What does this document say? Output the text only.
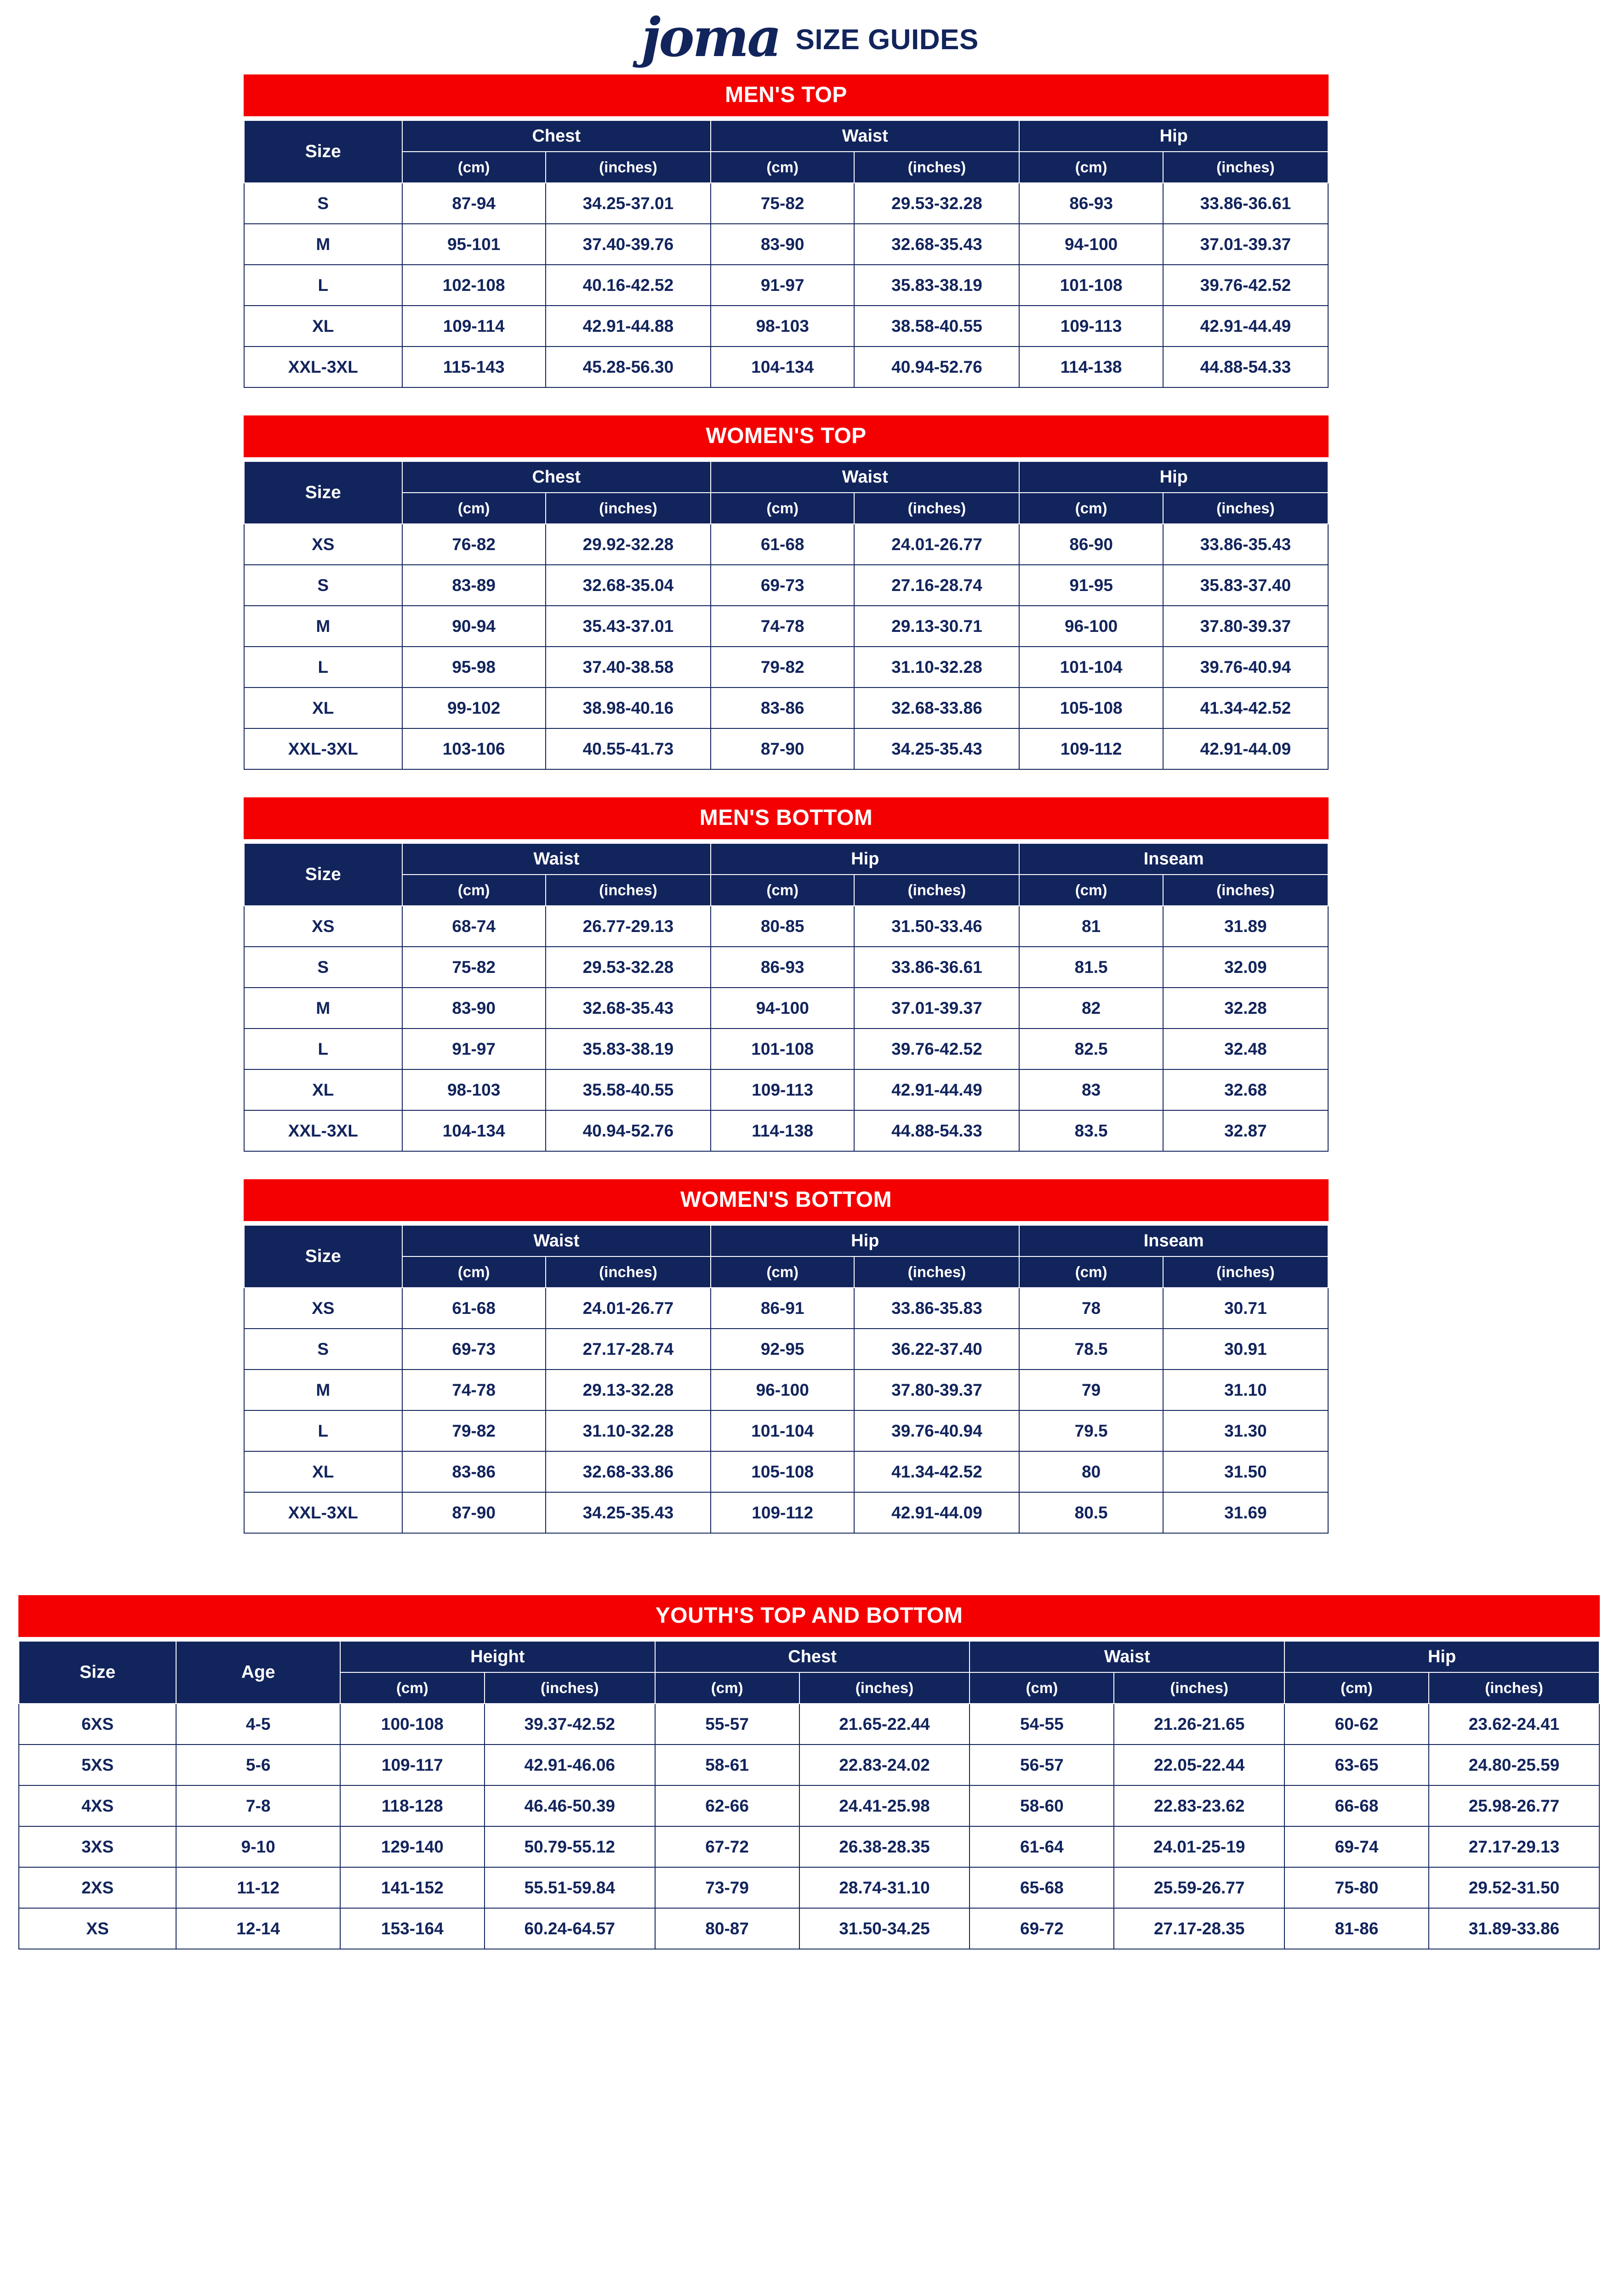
joma SIZE GUIDES
MEN'S TOP
Size	Chest		Waist		Hip	
	(cm)	(inches)	(cm)	(inches)	(cm)	(inches)
S	87-94	34.25-37.01	75-82	29.53-32.28	86-93	33.86-36.61
M	95-101	37.40-39.76	83-90	32.68-35.43	94-100	37.01-39.37
L	102-108	40.16-42.52	91-97	35.83-38.19	101-108	39.76-42.52
XL	109-114	42.91-44.88	98-103	38.58-40.55	109-113	42.91-44.49
XXL-3XL	115-143	45.28-56.30	104-134	40.94-52.76	114-138	44.88-54.33
WOMEN'S TOP
Size	Chest		Waist		Hip	
	(cm)	(inches)	(cm)	(inches)	(cm)	(inches)
XS	76-82	29.92-32.28	61-68	24.01-26.77	86-90	33.86-35.43
S	83-89	32.68-35.04	69-73	27.16-28.74	91-95	35.83-37.40
M	90-94	35.43-37.01	74-78	29.13-30.71	96-100	37.80-39.37
L	95-98	37.40-38.58	79-82	31.10-32.28	101-104	39.76-40.94
XL	99-102	38.98-40.16	83-86	32.68-33.86	105-108	41.34-42.52
XXL-3XL	103-106	40.55-41.73	87-90	34.25-35.43	109-112	42.91-44.09
MEN'S BOTTOM
Size	Waist		Hip		Inseam	
	(cm)	(inches)	(cm)	(inches)	(cm)	(inches)
XS	68-74	26.77-29.13	80-85	31.50-33.46	81	31.89
S	75-82	29.53-32.28	86-93	33.86-36.61	81.5	32.09
M	83-90	32.68-35.43	94-100	37.01-39.37	82	32.28
L	91-97	35.83-38.19	101-108	39.76-42.52	82.5	32.48
XL	98-103	35.58-40.55	109-113	42.91-44.49	83	32.68
XXL-3XL	104-134	40.94-52.76	114-138	44.88-54.33	83.5	32.87
WOMEN'S BOTTOM
Size	Waist		Hip		Inseam	
	(cm)	(inches)	(cm)	(inches)	(cm)	(inches)
XS	61-68	24.01-26.77	86-91	33.86-35.83	78	30.71
S	69-73	27.17-28.74	92-95	36.22-37.40	78.5	30.91
M	74-78	29.13-32.28	96-100	37.80-39.37	79	31.10
L	79-82	31.10-32.28	101-104	39.76-40.94	79.5	31.30
XL	83-86	32.68-33.86	105-108	41.34-42.52	80	31.50
XXL-3XL	87-90	34.25-35.43	109-112	42.91-44.09	80.5	31.69
YOUTH'S TOP AND BOTTOM
Size	Age	Height		Chest		Waist		Hip	
		(cm)	(inches)	(cm)	(inches)	(cm)	(inches)	(cm)	(inches)
6XS	4-5	100-108	39.37-42.52	55-57	21.65-22.44	54-55	21.26-21.65	60-62	23.62-24.41
5XS	5-6	109-117	42.91-46.06	58-61	22.83-24.02	56-57	22.05-22.44	63-65	24.80-25.59
4XS	7-8	118-128	46.46-50.39	62-66	24.41-25.98	58-60	22.83-23.62	66-68	25.98-26.77
3XS	9-10	129-140	50.79-55.12	67-72	26.38-28.35	61-64	24.01-25-19	69-74	27.17-29.13
2XS	11-12	141-152	55.51-59.84	73-79	28.74-31.10	65-68	25.59-26.77	75-80	29.52-31.50
XS	12-14	153-164	60.24-64.57	80-87	31.50-34.25	69-72	27.17-28.35	81-86	31.89-33.86
